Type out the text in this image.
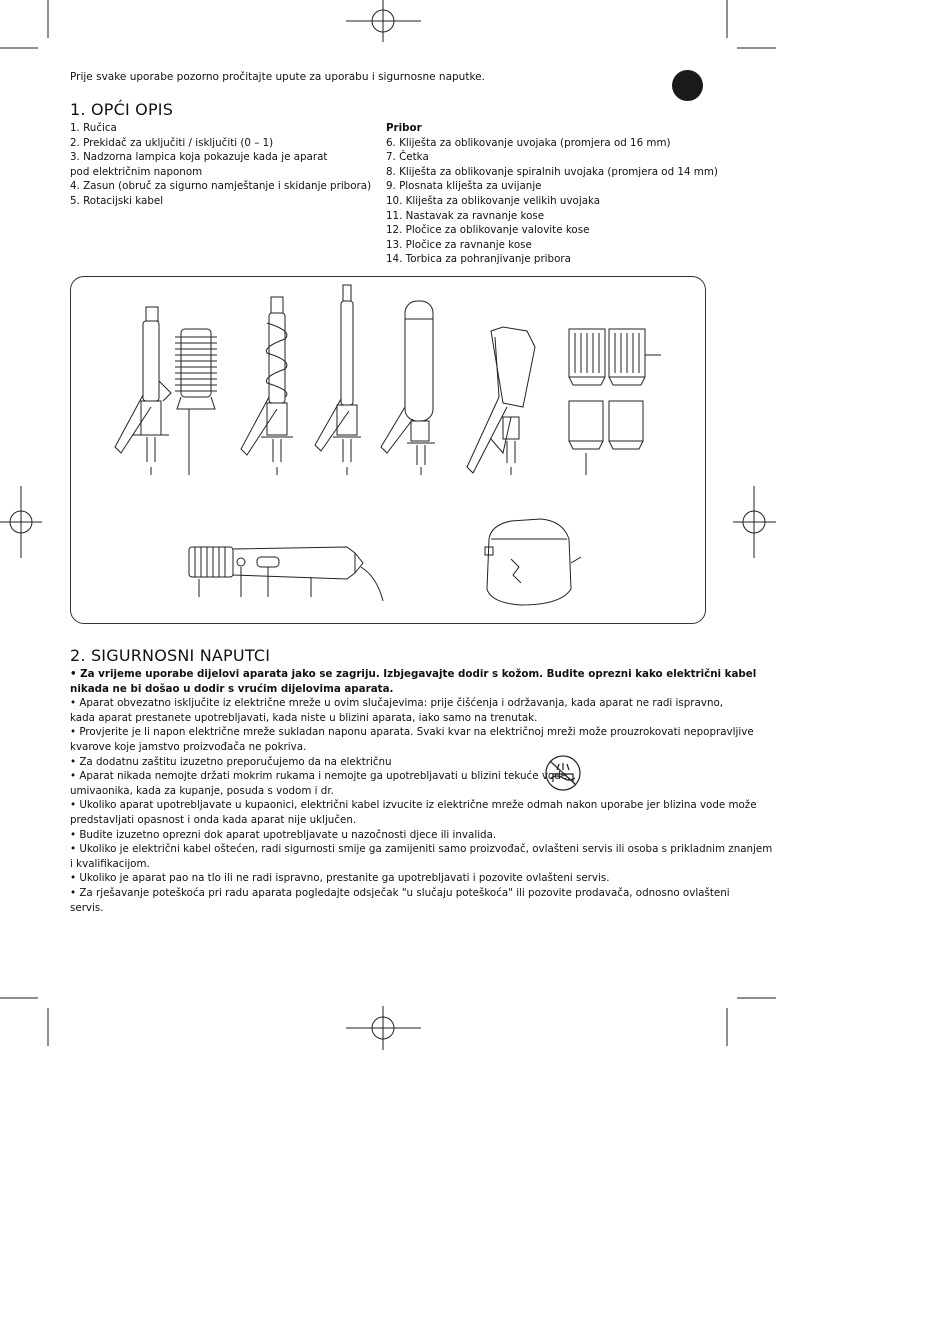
Prije svake uporabe pozorno pročitajte upute za uporabu i sigurnosne naputke.
1. OPĆI OPIS
1. Ručica
2. Prekidač za uključiti / isključiti (0 – 1)
3. Nadzorna lampica koja pokazuje kada je aparat
pod električnim naponom
4. Zasun (obruč za sigurno namještanje i skidanje pribora)
5. Rotacijski kabel
Pribor
6. Kliješta za oblikovanje uvojaka (promjera od 16 mm)
7. Četka
8. Kliješta za oblikovanje spiralnih uvojaka (promjera od 14 mm)
9. Plosnata kliješta za uvijanje
10. Kliješta za oblikovanje velikih uvojaka
11. Nastavak za ravnanje kose
12. Pločice za oblikovanje valovite kose
13. Pločice za ravnanje kose
14. Torbica za pohranjivanje pribora
2. SIGURNOSNI NAPUTCI

• Za vrijeme uporabe dijelovi aparata jako se zagriju. Izbjegavajte dodir s kožom. Budite oprezni kako električni kabel
nikada ne bi došao u dodir s vrućim dijelovima aparata.

• Aparat obvezatno isključite iz električne mreže u ovim slučajevima: prije čišćenja i održavanja, kada aparat ne radi ispravno,
kada aparat prestanete upotrebljavati, kada niste u blizini aparata, iako samo na trenutak.

• Provjerite je li napon električne mreže sukladan naponu aparata. Svaki kvar na električnoj mreži može prouzrokovati nepopravljive
kvarove koje jamstvo proizvođača ne pokriva.

• Za dodatnu zaštitu izuzetno preporučujemo da na električnu

• Aparat nikada nemojte držati mokrim rukama i nemojte ga upotrebljavati u blizini tekuće vode,
umivaonika, kada za kupanje, posuda s vodom i dr.

• Ukoliko aparat upotrebljavate u kupaonici, električni kabel izvucite iz električne mreže odmah nakon uporabe jer blizina vode može
predstavljati opasnost i onda kada aparat nije uključen.

• Budite izuzetno oprezni dok aparat upotrebljavate u nazočnosti djece ili invalida.

• Ukoliko je električni kabel oštećen, radi sigurnosti smije ga zamijeniti samo proizvođač, ovlašteni servis ili osoba s prikladnim znanjem
i kvalifikacijom.

• Ukoliko je aparat pao na tlo ili ne radi ispravno, prestanite ga upotrebljavati i pozovite ovlašteni servis.

• Za rješavanje poteškoća pri radu aparata pogledajte odsječak "u slučaju poteškoća" ili pozovite prodavača, odnosno ovlašteni
servis.
